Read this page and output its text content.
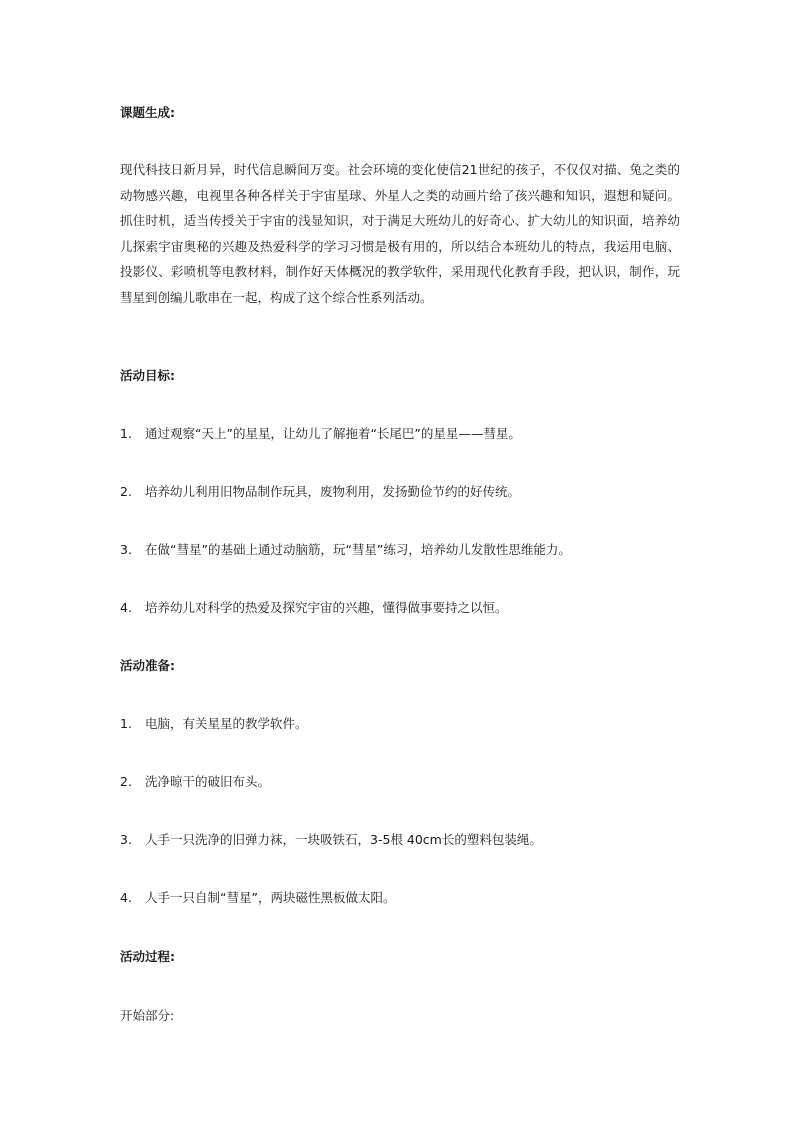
课题生成:
现代科技日新月异，时代信息瞬间万变。社会环境的变化使信21世纪的孩子，不仅仅对描、兔之类的动物感兴趣，电视里各种各样关于宇宙星球、外星人之类的动画片给了孩兴趣和知识，遐想和疑问。抓住时机，适当传授关于宇宙的浅显知识，对于满足大班幼儿的好奇心、扩大幼儿的知识面，培养幼儿探索宇宙奥秘的兴趣及热爱科学的学习习惯是极有用的，所以结合本班幼儿的特点，我运用电脑、投影仪、彩喷机等电教材料，制作好天体概况的教学软件，采用现代化教育手段，把认识，制作，玩彗星到创编儿歌串在一起，构成了这个综合性系列活动。
活动目标:
1. 通过观察“天上”的星星，让幼儿了解拖着“长尾巴”的星星——彗星。
2. 培养幼儿利用旧物品制作玩具，废物利用，发扬勤俭节约的好传统。
3. 在做“彗星”的基础上通过动脑筋，玩“彗星”练习，培养幼儿发散性思维能力。
4. 培养幼儿对科学的热爱及探究宇宙的兴趣，懂得做事要持之以恒。
活动准备:
1. 电脑，有关星星的教学软件。
2. 洗净晾干的破旧布头。
3. 人手一只洗净的旧弹力袜，一块吸铁石，3-5根 40cm长的塑料包装绳。
4. 人手一只自制“彗星”，两块磁性黑板做太阳。
活动过程:
开始部分:
